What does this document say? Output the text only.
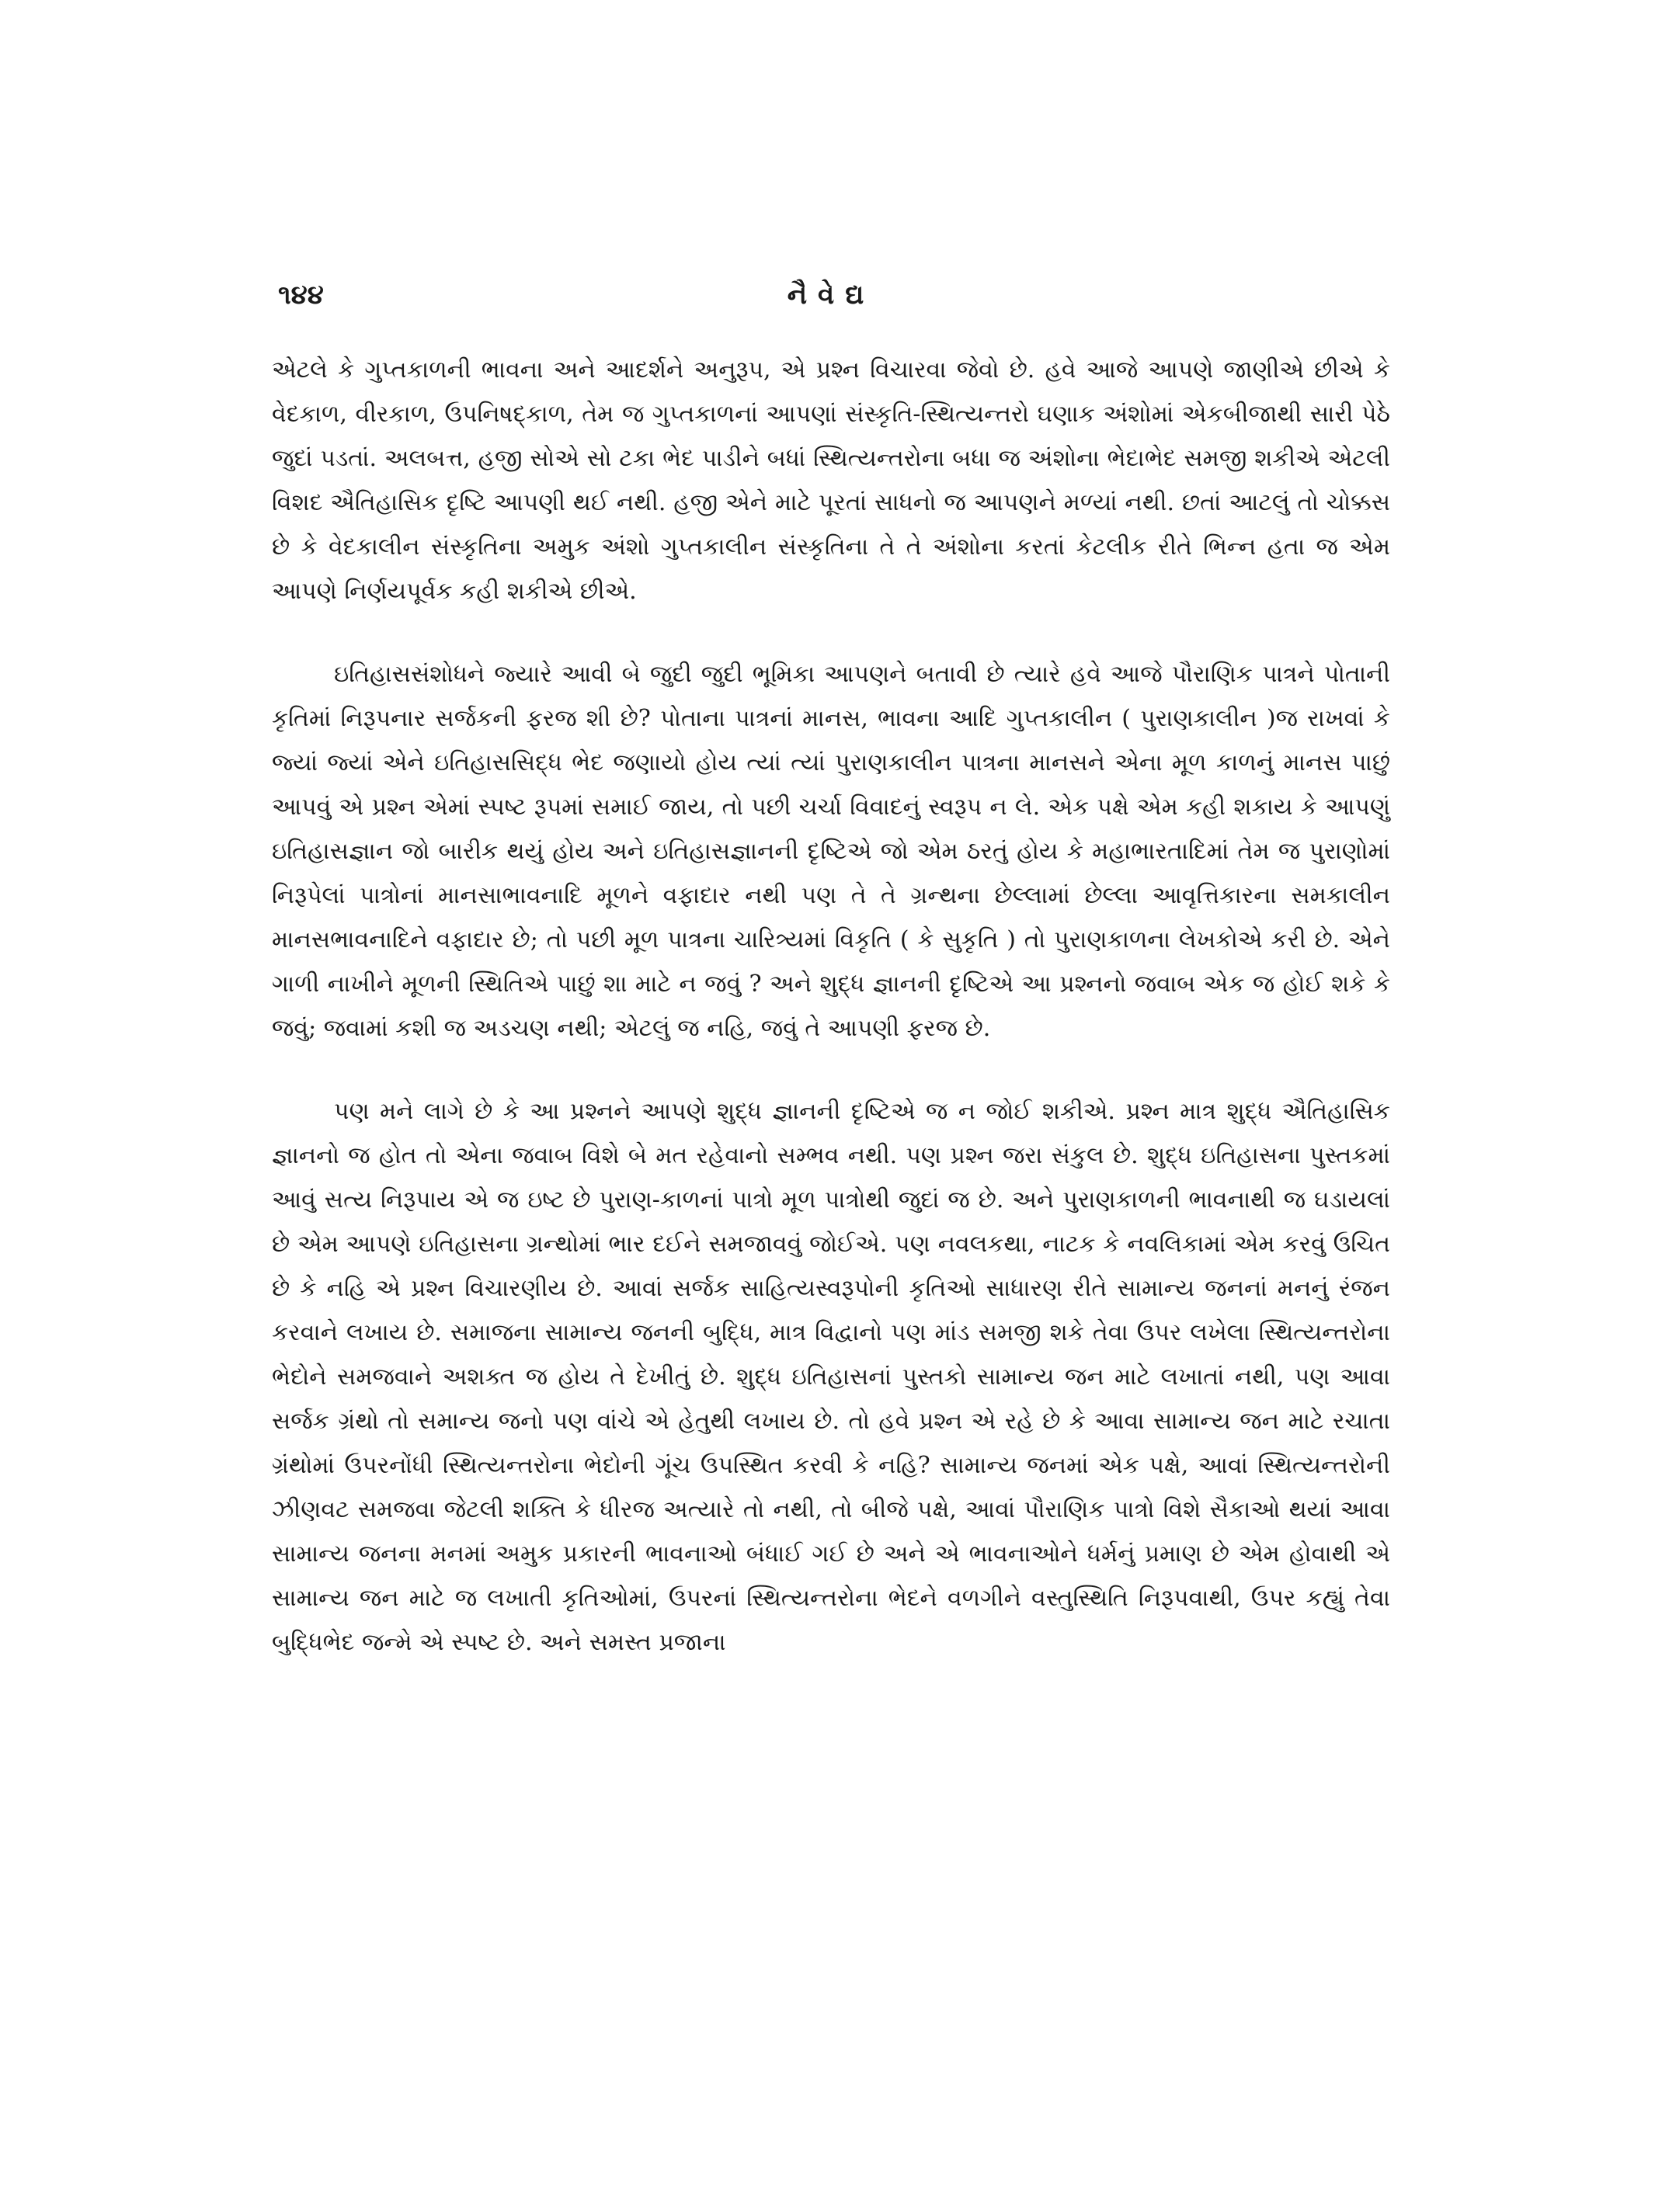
૧૪૪	નૈવેદ્ય

એટલે કે ગુપ્તકાળની ભાવના અને આદર્શને અનુરૂપ, એ પ્રશ્ન વિચારવા જેવો છે. હવે આજે આપણે જાણીએ છીએ કે વેદકાળ, વીરકાળ, ઉપનિષદ્‌કાળ, તેમ જ ગુપ્તકાળનાં આપણાં સંસ્કૃતિ-સ્થિત્યન્તરો ઘણાક અંશોમાં એકબીજાથી સારી પેઠે જુદાં પડતાં. અલબત્ત, હજી સોએ સો ટકા ભેદ પાડીને બધાં સ્થિત્યન્તરોના બધા જ અંશોના ભેદાભેદ સમજી શકીએ એટલી વિશદ ઐતિહાસિક દૃષ્ટિ આપણી થઈ નથી. હજી એને માટે પૂરતાં સાધનો જ આપણને મળ્યાં નથી. છતાં આટલું તો ચોક્કસ છે કે વેદકાલીન સંસ્કૃતિના અમુક અંશો ગુપ્તકાલીન સંસ્કૃતિના તે તે અંશોના કરતાં કેટલીક રીતે ભિન્ન હતા જ એમ આપણે નિર્ણયપૂર્વક કહી શકીએ છીએ.

ઇતિહાસસંશોધને જ્યારે આવી બે જુદી જુદી ભૂમિકા આપણને બતાવી છે ત્યારે હવે આજે પૌરાણિક પાત્રને પોતાની કૃતિમાં નિરૂપનાર સર્જકની ફરજ શી છે? પોતાના પાત્રનાં માનસ, ભાવના આદિ ગુપ્તકાલીન ( પુરાણકાલીન )જ રાખવાં કે જ્યાં જ્યાં એને ઇતિહાસસિદ્ધ ભેદ જણાયો હોય ત્યાં ત્યાં પુરાણકાલીન પાત્રના માનસને એના મૂળ કાળનું માનસ પાછું આપવું એ પ્રશ્ન એમાં સ્પષ્ટ રૂપમાં સમાઈ જાય, તો પછી ચર્ચા વિવાદનું સ્વરૂપ ન લે. એક પક્ષે એમ કહી શકાય કે આપણું ઇતિહાસજ્ઞાન જો બારીક થયું હોય અને ઇતિહાસજ્ઞાનની દૃષ્ટિએ જો એમ ઠરતું હોય કે મહાભારતાદિમાં તેમ જ પુરાણોમાં નિરૂપેલાં પાત્રોનાં માનસાભાવનાદિ મૂળને વફાદાર નથી પણ તે તે ગ્રન્થના છેલ્લામાં છેલ્લા આવૃત્તિકારના સમકાલીન માનસભાવનાદિને વફાદાર છે; તો પછી મૂળ પાત્રના ચારિત્ર્યમાં વિકૃતિ ( કે સુકૃતિ ) તો પુરાણકાળના લેખકોએ કરી છે. એને ગાળી નાખીને મૂળની સ્થિતિએ પાછું શા માટે ન જવું ? અને શુદ્ધ જ્ઞાનની દૃષ્ટિએ આ પ્રશ્નનો જવાબ એક જ હોઈ શકે કે જવું; જવામાં કશી જ અડચણ નથી; એટલું જ નહિ, જવું તે આપણી ફરજ છે.

પણ મને લાગે છે કે આ પ્રશ્નને આપણે શુદ્ધ જ્ઞાનની દૃષ્ટિએ જ ન જોઈ શકીએ. પ્રશ્ન માત્ર શુદ્ધ ઐતિહાસિક જ્ઞાનનો જ હોત તો એના જવાબ વિશે બે મત રહેવાનો સમ્ભવ નથી. પણ પ્રશ્ન જરા સંકુલ છે. શુદ્ધ ઇતિહાસના પુસ્તકમાં આવું સત્ય નિરૂપાય એ જ ઇષ્ટ છે પુરાણ-કાળનાં પાત્રો મૂળ પાત્રોથી જુદાં જ છે. અને પુરાણકાળની ભાવનાથી જ ઘડાયલાં છે એમ આપણે ઇતિહાસના ગ્રન્થોમાં ભાર દઈને સમજાવવું જોઈએ. પણ નવલકથા, નાટક કે નવલિકામાં એમ કરવું ઉચિત છે કે નહિ એ પ્રશ્ન વિચારણીય છે. આવાં સર્જક સાહિત્યસ્વરૂપોની કૃતિઓ સાધારણ રીતે સામાન્ય જનનાં મનનું રંજન કરવાને લખાય છે. સમાજના સામાન્ય જનની બુદ્ધિ, માત્ર વિદ્વાનો પણ માંડ સમજી શકે તેવા ઉપર લખેલા સ્થિત્યન્તરોના ભેદોને સમજવાને અશક્ત જ હોય તે દેખીતું છે. શુદ્ધ ઇતિહાસનાં પુસ્તકો સામાન્ય જન માટે લખાતાં નથી, પણ આવા સર્જક ગ્રંથો તો સમાન્ય જનો પણ વાંચે એ હેતુથી લખાય છે. તો હવે પ્રશ્ન એ રહે છે કે આવા સામાન્ય જન માટે રચાતા ગ્રંથોમાં ઉપરનોંધી સ્થિત્યન્તરોના ભેદોની ગૂંચ ઉપસ્થિત કરવી કે નહિ? સામાન્ય જનમાં એક પક્ષે, આવાં સ્થિત્યન્તરોની ઝીણવટ સમજવા જેટલી શક્તિ કે ધીરજ અત્યારે તો નથી, તો બીજે પક્ષે, આવાં પૌરાણિક પાત્રો વિશે સૈકાઓ થયાં આવા સામાન્ય જનના મનમાં અમુક પ્રકારની ભાવનાઓ બંધાઈ ગઈ છે અને એ ભાવનાઓને ધર્મનું પ્રમાણ છે એમ હોવાથી એ સામાન્ય જન માટે જ લખાતી કૃતિઓમાં, ઉપરનાં સ્થિત્યન્તરોના ભેદને વળગીને વસ્તુસ્થિતિ નિરૂપવાથી, ઉપર કહ્યું તેવા બુદ્ધિભેદ જન્મે એ સ્પષ્ટ છે. અને સમસ્ત પ્રજાના
